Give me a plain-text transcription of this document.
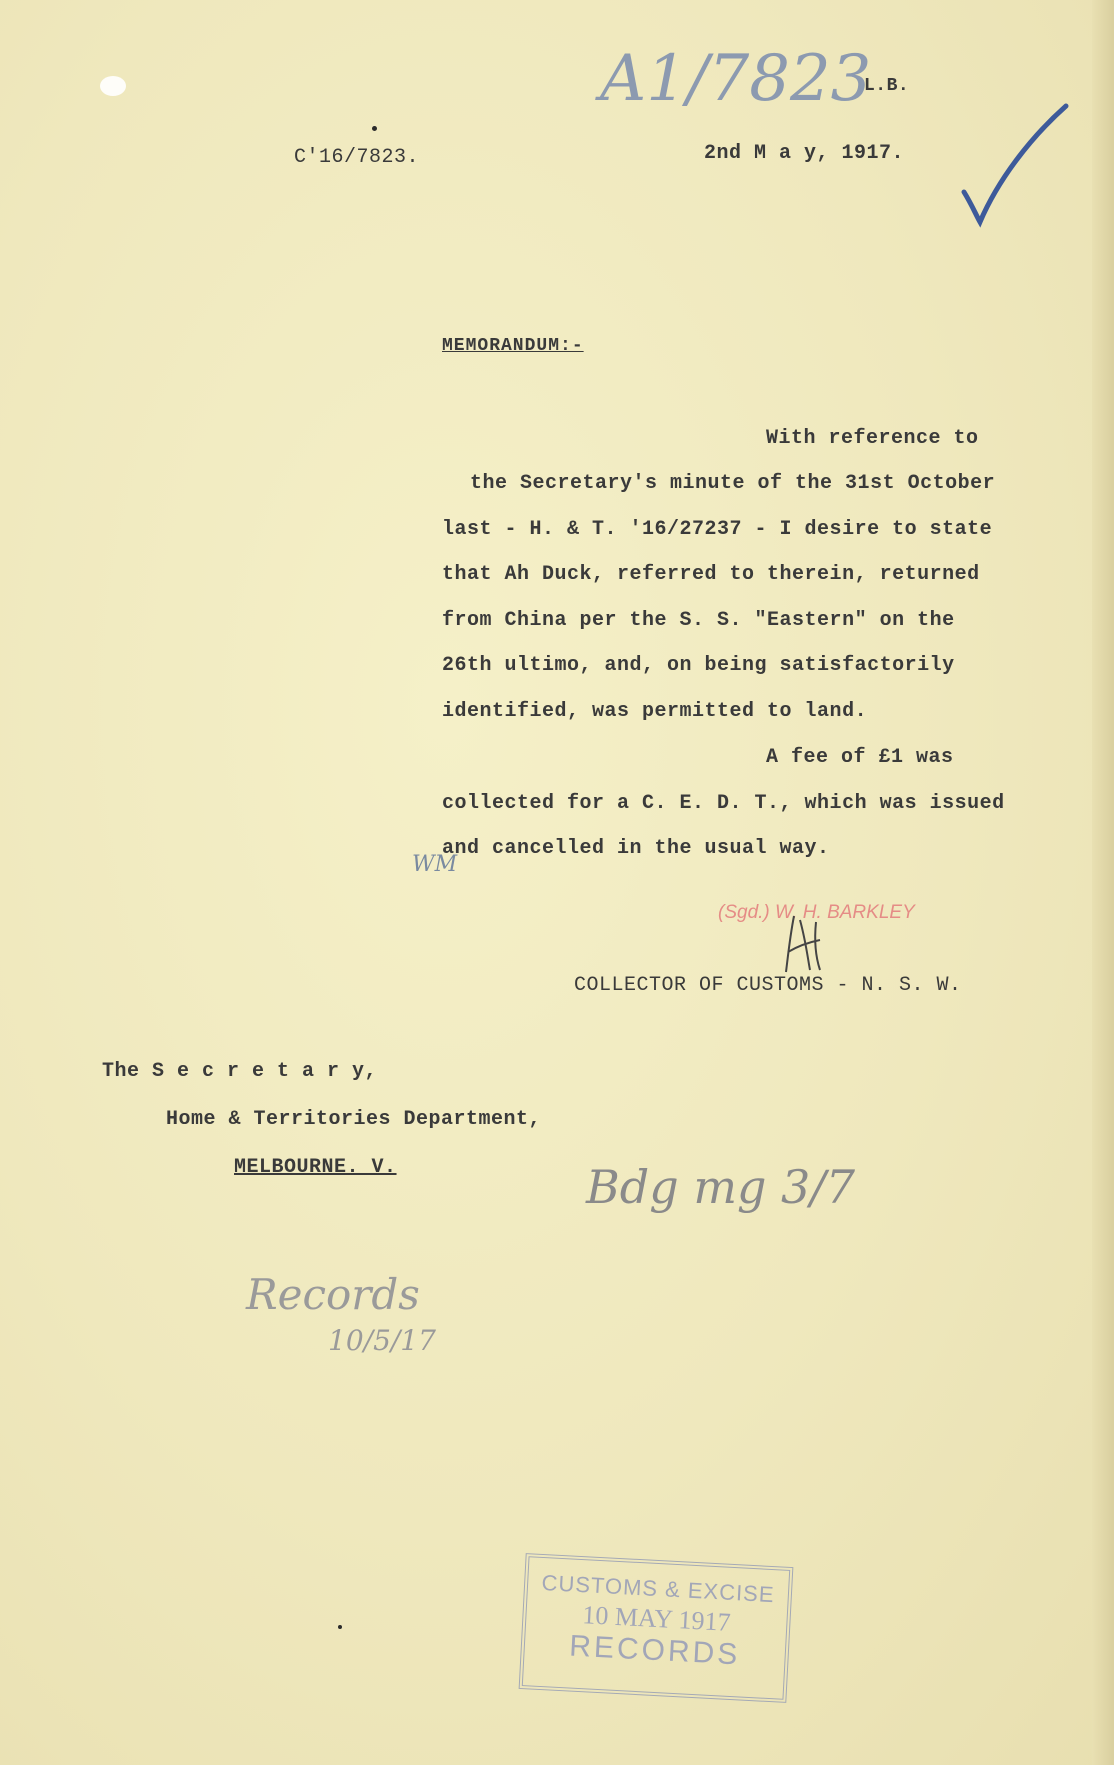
A1/7823
L.B.
C'16/7823.	2nd M a y, 1917.
MEMORANDUM:-
With reference to
the Secretary's minute of the 31st October
last - H. & T. '16/27237 - I desire to state
that Ah Duck, referred to therein, returned
from China per the S. S. "Eastern" on the
26th ultimo, and, on being satisfactorily
identified, was permitted to land.
A fee of £1 was
collected for a C. E. D. T., which was issued
and cancelled in the usual way.
WM
(Sgd.) W. H. BARKLEY
COLLECTOR OF CUSTOMS - N. S. W.
The S e c r e t a r y,
Home & Territories Department,
MELBOURNE. V.	Bdg mg 3/7
Records
10/5/17
CUSTOMS & EXCISE
10 MAY 1917
RECORDS
